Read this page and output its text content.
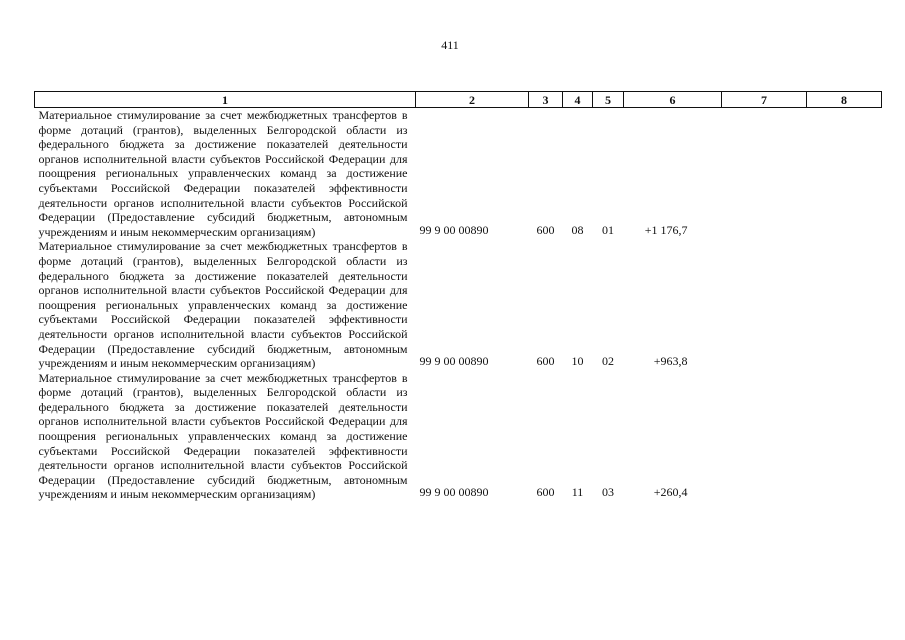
411
1	2	3	4	5	6	7	8
Материальное стимулирование за счет межбюджетных трансфертов в форме дотаций (грантов), выделенных Белгородской области из федерального бюджета за достижение показателей деятельности органов исполнительной власти субъектов Российской Федерации для поощрения региональных управленческих команд за достижение субъектами Российской Федерации показателей эффективности деятельности органов исполнительной власти субъектов Российской Федерации (Предоставление субсидий бюджетным, автономным учреждениям и иным некоммерческим организациям)	99 9 00 00890	600	08	01	+1 176,7		
Материальное стимулирование за счет межбюджетных трансфертов в форме дотаций (грантов), выделенных Белгородской области из федерального бюджета за достижение показателей деятельности органов исполнительной власти субъектов Российской Федерации для поощрения региональных управленческих команд за достижение субъектами Российской Федерации показателей эффективности деятельности органов исполнительной власти субъектов Российской Федерации (Предоставление субсидий бюджетным, автономным учреждениям и иным некоммерческим организациям)	99 9 00 00890	600	10	02	+963,8		
Материальное стимулирование за счет межбюджетных трансфертов в форме дотаций (грантов), выделенных Белгородской области из федерального бюджета за достижение показателей деятельности органов исполнительной власти субъектов Российской Федерации для поощрения региональных управленческих команд за достижение субъектами Российской Федерации показателей эффективности деятельности органов исполнительной власти субъектов Российской Федерации (Предоставление субсидий бюджетным, автономным учреждениям и иным некоммерческим организациям)	99 9 00 00890	600	11	03	+260,4		
